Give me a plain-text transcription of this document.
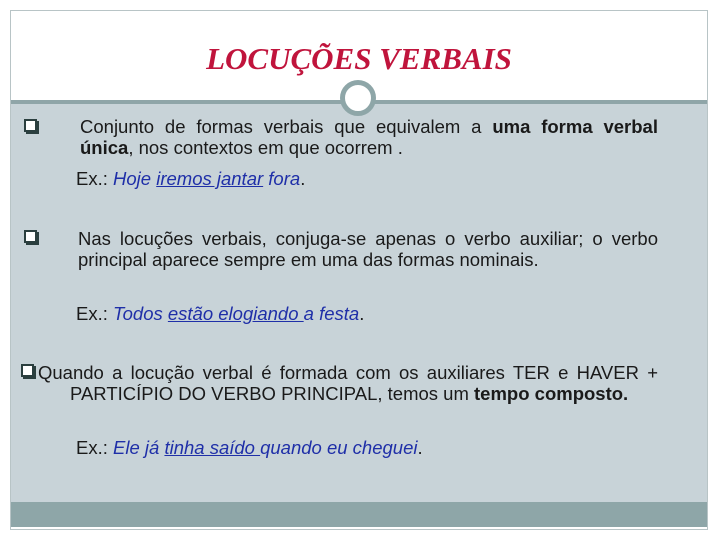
LOCUÇÕES VERBAIS
Conjunto de formas verbais que equivalem a uma forma verbal única, nos contextos em que ocorrem .
Ex.: Hoje iremos jantar fora.
Nas locuções verbais, conjuga-se apenas o verbo auxiliar; o verbo principal aparece sempre em uma das formas nominais.
Ex.: Todos estão elogiando a festa.
Quando a locução verbal é formada com os auxiliares TER e HAVER + PARTICÍPIO DO VERBO PRINCIPAL, temos um tempo composto.
Ex.: Ele já tinha saído quando eu cheguei.
